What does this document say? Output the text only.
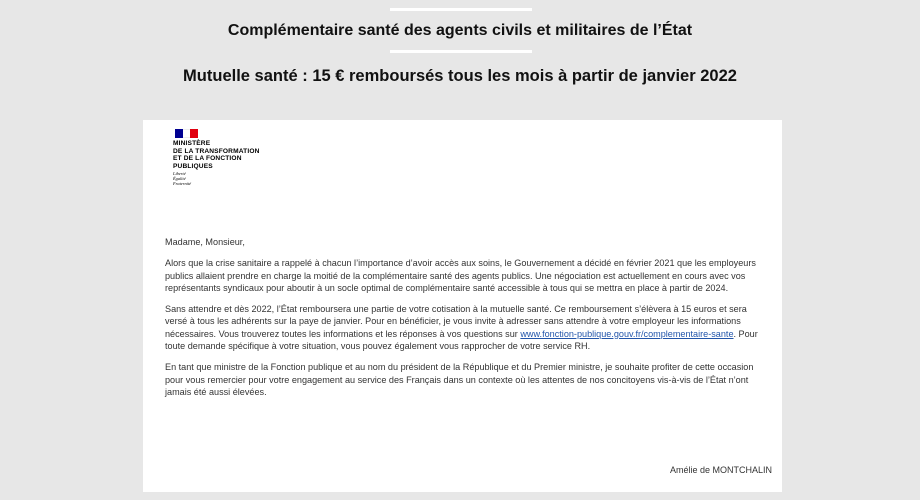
Complémentaire santé des agents civils et militaires de l’État
Mutuelle santé : 15 € remboursés tous les mois à partir de janvier 2022
MINISTÈRE
DE LA TRANSFORMATION
ET DE LA FONCTION
PUBLIQUES
Liberté
Égalité
Fraternité

Madame, Monsieur,

Alors que la crise sanitaire a rappelé à chacun l’importance d’avoir accès aux soins, le Gouvernement a décidé en février 2021 que les employeurs publics allaient prendre en charge la moitié de la complémentaire santé des agents publics. Une négociation est actuellement en cours avec vos représentants syndicaux pour aboutir à un socle optimal de complémentaire santé accessible à tous qui se mettra en place à partir de 2024.

Sans attendre et dès 2022, l’État remboursera une partie de votre cotisation à la mutuelle santé. Ce remboursement s’élèvera à 15 euros et sera versé à tous les adhérents sur la paye de janvier. Pour en bénéficier, je vous invite à adresser sans attendre à votre employeur les informations nécessaires. Vous trouverez toutes les informations et les réponses à vos questions sur www.fonction-publique.gouv.fr/complementaire-sante. Pour toute demande spécifique à votre situation, vous pouvez également vous rapprocher de votre service RH.

En tant que ministre de la Fonction publique et au nom du président de la République et du Premier ministre, je souhaite profiter de cette occasion pour vous remercier pour votre engagement au service des Français dans un contexte où les attentes de nos concitoyens vis-à-vis de l’État n’ont jamais été aussi élevées.

Amélie de MONTCHALIN
